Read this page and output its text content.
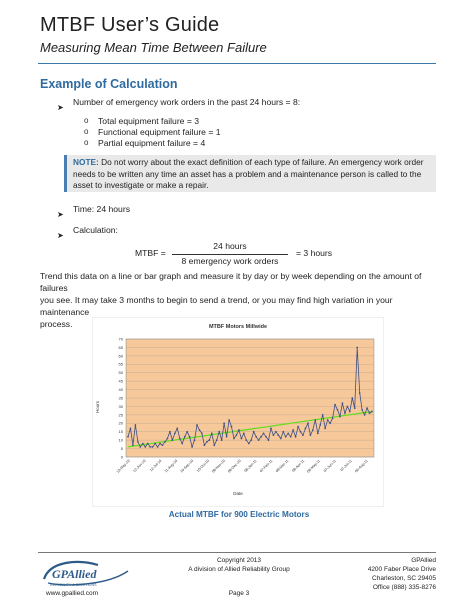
MTBF User’s Guide
Measuring Mean Time Between Failure
Example of Calculation
➤
Number of emergency work orders in the past 24 hours = 8:
o Total equipment failure = 3
o Functional equipment failure = 1
o Partial equipment failure = 4
NOTE: Do not worry about the exact definition of each type of failure. An emergency work order
needs to be written any time an asset has a problem and a maintenance person is called to the
asset to investigate or make a repair.
➤
Time: 24 hours
➤
Calculation:
MTBF =
24 hours
8 emergency work orders
= 3 hours
Trend this data on a line or bar graph and measure it by day or by week depending on the amount of failures
you see. It may take 3 months to begin to send a trend, or you may find high variation in your maintenance
process.	MTBF Motors Millwide
0
5
10
15
20
25
30
35
40
45
50
55
60
65
70
13-May-10 12-Jun-10 12-Jul-10 11-Aug-10 10-Sep-10 10-Oct-10 09-Nov-10 09-Dec-10 08-Jan-11 07-Feb-11 09-Mar-11 08-Apr-11 08-May-11 07-Jun-11 07-Jul-11 06-Aug-11
Date
Hours
Actual MTBF for 900 Electric Motors
GPAllied
RELIABILITY & SOLUTIONS
www.gpallied.com
Copyright 2013
A division of Allied Reliability Group
Page 3
GPAllied
4200 Faber Place Drive
Charleston, SC 29405
Office (888) 335-8276
